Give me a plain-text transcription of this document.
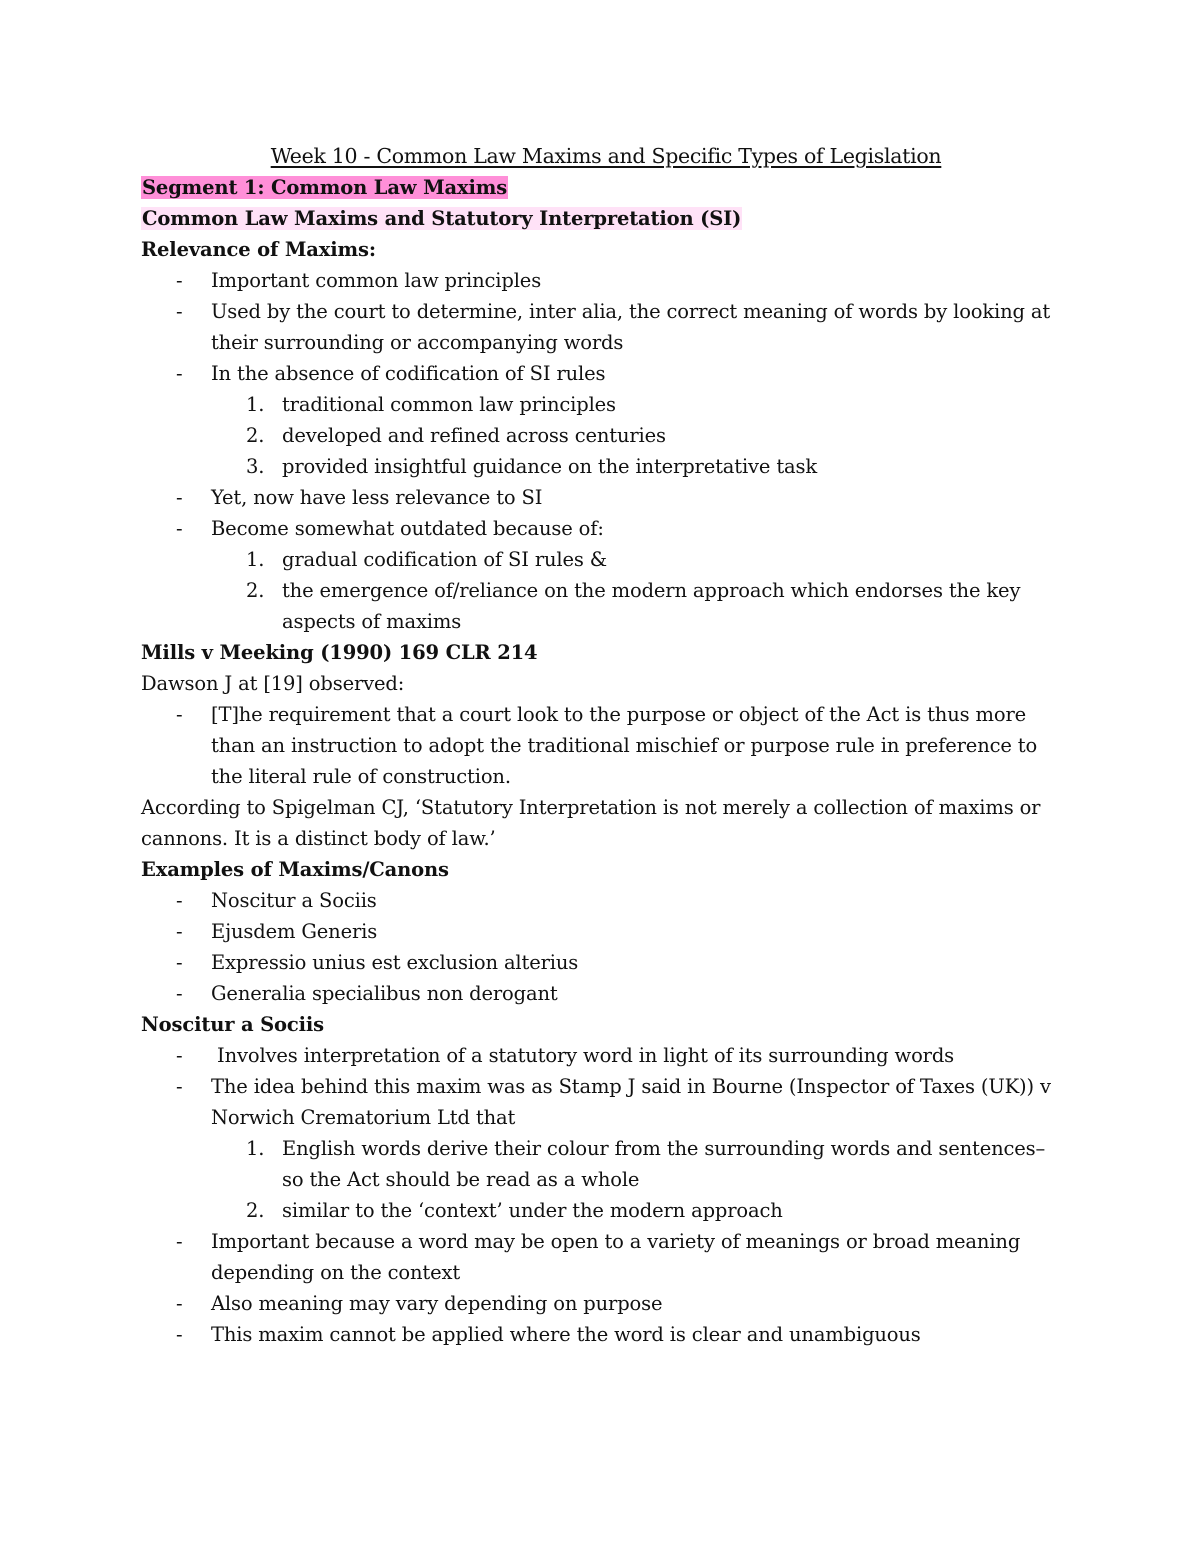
Week 10 - Common Law Maxims and Specific Types of Legislation
Segment 1: Common Law Maxims
Common Law Maxims and Statutory Interpretation (SI)
Relevance of Maxims:
- Important common law principles
- Used by the court to determine, inter alia, the correct meaning of words by looking at their surrounding or accompanying words
- In the absence of codification of SI rules
1. traditional common law principles
2. developed and refined across centuries
3. provided insightful guidance on the interpretative task
- Yet, now have less relevance to SI
- Become somewhat outdated because of:
1. gradual codification of SI rules &
2. the emergence of/reliance on the modern approach which endorses the key aspects of maxims
Mills v Meeking (1990) 169 CLR 214

Dawson J at [19] observed:

- [T]he requirement that a court look to the purpose or object of the Act is thus more than an instruction to adopt the traditional mischief or purpose rule in preference to the literal rule of construction.

According to Spigelman CJ, ‘Statutory Interpretation is not merely a collection of maxims or cannons. It is a distinct body of law.’

Examples of Maxims/Canons
- Noscitur a Sociis
- Ejusdem Generis
- Expressio unius est exclusion alterius
- Generalia specialibus non derogant
Noscitur a Sociis
-  Involves interpretation of a statutory word in light of its surrounding words
- The idea behind this maxim was as Stamp J said in Bourne (Inspector of Taxes (UK)) v Norwich Crematorium Ltd that
1. English words derive their colour from the surrounding words and sentences– so the Act should be read as a whole
2. similar to the ‘context’ under the modern approach
- Important because a word may be open to a variety of meanings or broad meaning depending on the context
- Also meaning may vary depending on purpose
- This maxim cannot be applied where the word is clear and unambiguous
